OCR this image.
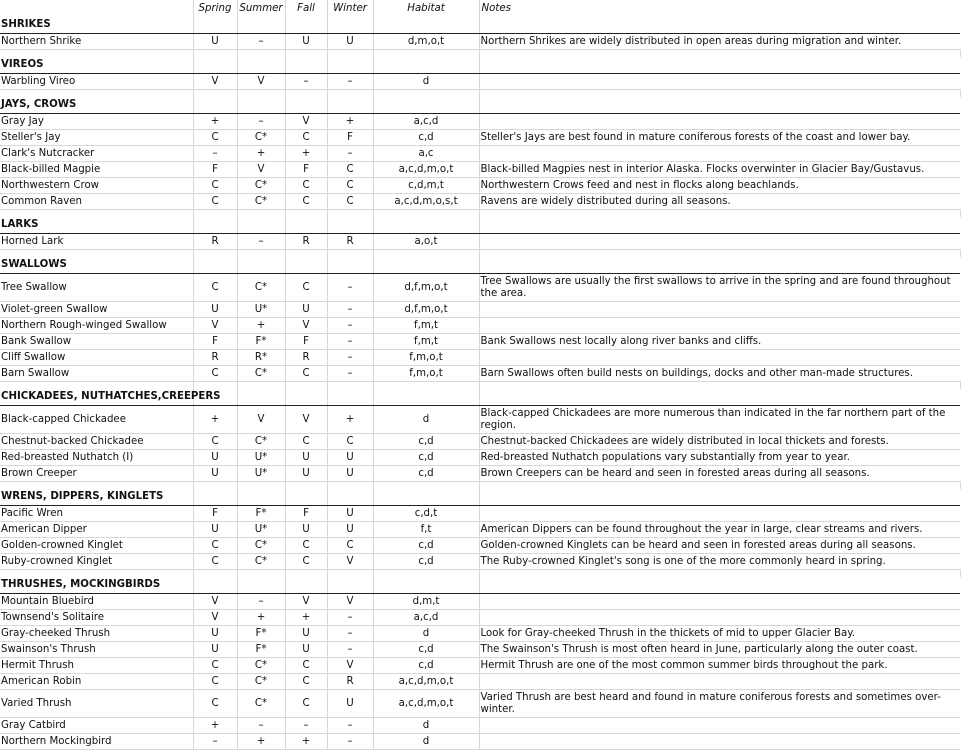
	Spring	Summer	Fall	Winter	Habitat	Notes
SHRIKES						
Northern Shrike	U	–	U	U	d,m,o,t	Northern Shrikes are widely distributed in open areas during migration and winter.

VIREOS						
Warbling Vireo	V	V	–	–	d	

JAYS, CROWS						
Gray Jay	+	–	V	+	a,c,d	
Steller's Jay	C	C*	C	F	c,d	Steller's Jays are best found in mature coniferous forests of the coast and lower bay.
Clark's Nutcracker	–	+	+	–	a,c	
Black-billed Magpie	F	V	F	C	a,c,d,m,o,t	Black-billed Magpies nest in interior Alaska. Flocks overwinter in Glacier Bay/Gustavus.
Northwestern Crow	C	C*	C	C	c,d,m,t	Northwestern Crows feed and nest in flocks along beachlands.
Common Raven	C	C*	C	C	a,c,d,m,o,s,t	Ravens are widely distributed during all seasons.

LARKS						
Horned Lark	R	–	R	R	a,o,t	

SWALLOWS						
Tree Swallow	C	C*	C	–	d,f,m,o,t	Tree Swallows are usually the first swallows to arrive in the spring and are found throughout the area.
Violet-green Swallow	U	U*	U	–	d,f,m,o,t	
Northern Rough-winged Swallow	V	+	V	–	f,m,t	
Bank Swallow	F	F*	F	–	f,m,t	Bank Swallows nest locally along river banks and cliffs.
Cliff Swallow	R	R*	R	–	f,m,o,t	
Barn Swallow	C	C*	C	–	f,m,o,t	Barn Swallows often build nests on buildings, docks and other man-made structures.

CHICKADEES, NUTHATCHES,CREEPERS						
Black-capped Chickadee	+	V	V	+	d	Black-capped Chickadees are more numerous than indicated in the far northern part of the region.
Chestnut-backed Chickadee	C	C*	C	C	c,d	Chestnut-backed Chickadees are widely distributed in local thickets and forests.
Red-breasted Nuthatch (I)	U	U*	U	U	c,d	Red-breasted Nuthatch populations vary substantially from year to year.
Brown Creeper	U	U*	U	U	c,d	Brown Creepers can be heard and seen in forested areas during all seasons.

WRENS, DIPPERS, KINGLETS						
Pacific Wren	F	F*	F	U	c,d,t	
American Dipper	U	U*	U	U	f,t	American Dippers can be found throughout the year in large, clear streams and rivers.
Golden-crowned Kinglet	C	C*	C	C	c,d	Golden-crowned Kinglets can be heard and seen in forested areas during all seasons.
Ruby-crowned Kinglet	C	C*	C	V	c,d	The Ruby-crowned Kinglet's song is one of the more commonly heard in spring.

THRUSHES, MOCKINGBIRDS						
Mountain Bluebird	V	–	V	V	d,m,t	
Townsend's Solitaire	V	+	+	–	a,c,d	
Gray-cheeked Thrush	U	F*	U	–	d	Look for Gray-cheeked Thrush in the thickets of mid to upper Glacier Bay.
Swainson's Thrush	U	F*	U	–	c,d	The Swainson's Thrush is most often heard in June, particularly along the outer coast.
Hermit Thrush	C	C*	C	V	c,d	Hermit Thrush are one of the most common summer birds throughout the park.
American Robin	C	C*	C	R	a,c,d,m,o,t	
Varied Thrush	C	C*	C	U	a,c,d,m,o,t	Varied Thrush are best heard and found in mature coniferous forests and sometimes over-winter.
Gray Catbird	+	–	–	–	d	
Northern Mockingbird	–	+	+	–	d	
